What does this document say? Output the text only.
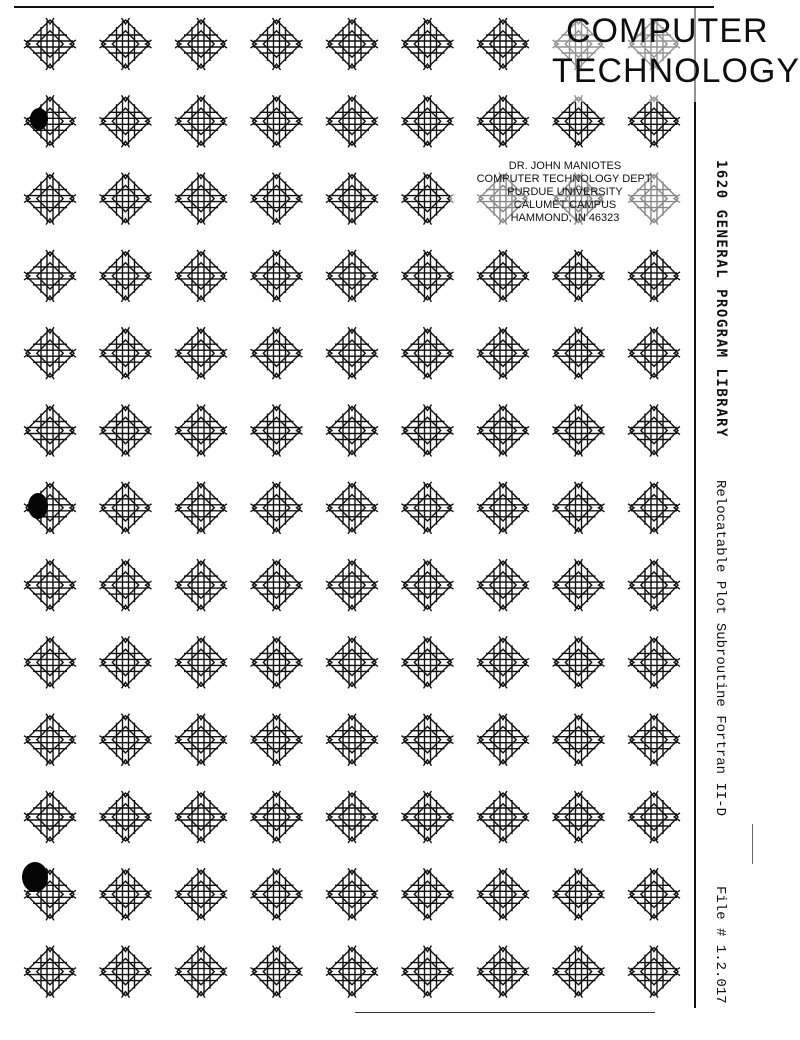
COMPUTER
TECHNOLOGY
DR. JOHN MANIOTES
COMPUTER TECHNOLOGY DEPT.
PURDUE UNIVERSITY
CALUMET CAMPUS
HAMMOND, IN 46323	1620 GENERAL PROGRAM LIBRARYRelocatable Plot Subroutine Fortran II-DFile # 1.2.017
